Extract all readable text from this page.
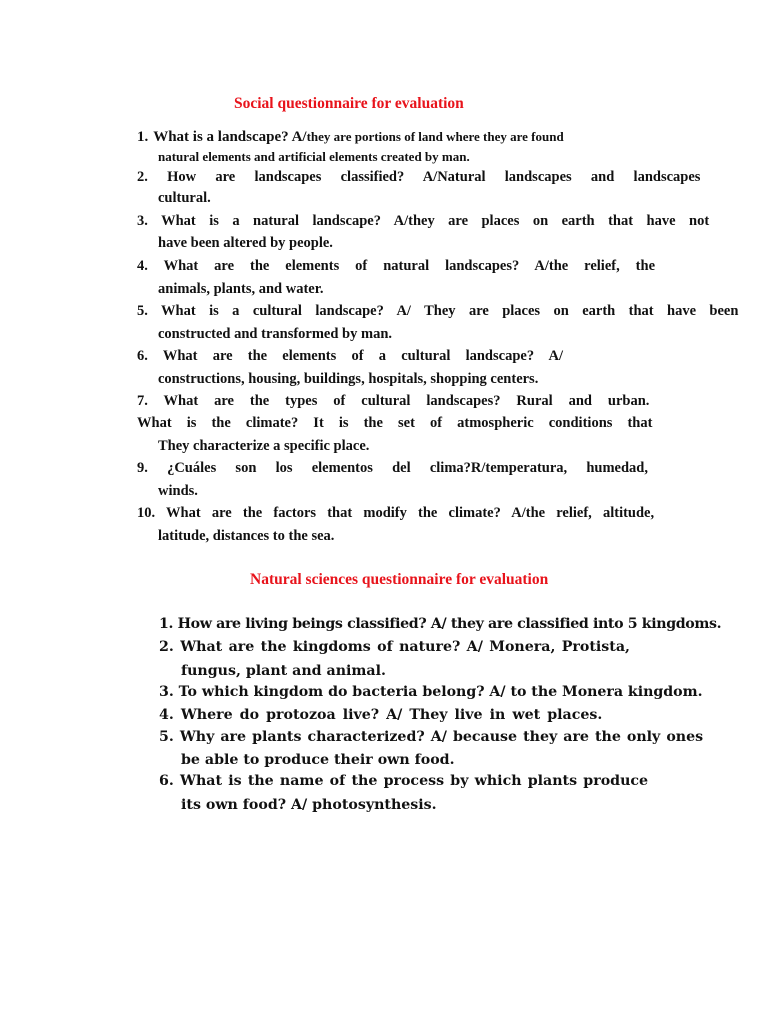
Social questionnaire for evaluation
1. What is a landscape? A/they are portions of land where they are found
natural elements and artificial elements created by man.
2. How are landscapes classified? A/Natural landscapes and landscapes
cultural.
3. What is a natural landscape? A/they are places on earth that have not
have been altered by people.
4. What are the elements of natural landscapes? A/the relief, the
animals, plants, and water.
5. What is a cultural landscape? A/ They are places on earth that have been
constructed and transformed by man.
6. What are the elements of a cultural landscape? A/
constructions, housing, buildings, hospitals, shopping centers.
7. What are the types of cultural landscapes? Rural and urban.
What is the climate? It is the set of atmospheric conditions that
They characterize a specific place.
9. ¿Cuáles son los elementos del clima?R/temperatura, humedad,
winds.
10. What are the factors that modify the climate? A/the relief, altitude,
latitude, distances to the sea.
Natural sciences questionnaire for evaluation
1. How are living beings classified? A/ they are classified into 5 kingdoms.
2. What are the kingdoms of nature? A/ Monera, Protista,
fungus, plant and animal.
3. To which kingdom do bacteria belong? A/ to the Monera kingdom.
4. Where do protozoa live? A/ They live in wet places.
5. Why are plants characterized? A/ because they are the only ones
be able to produce their own food.
6. What is the name of the process by which plants produce
its own food? A/ photosynthesis.
